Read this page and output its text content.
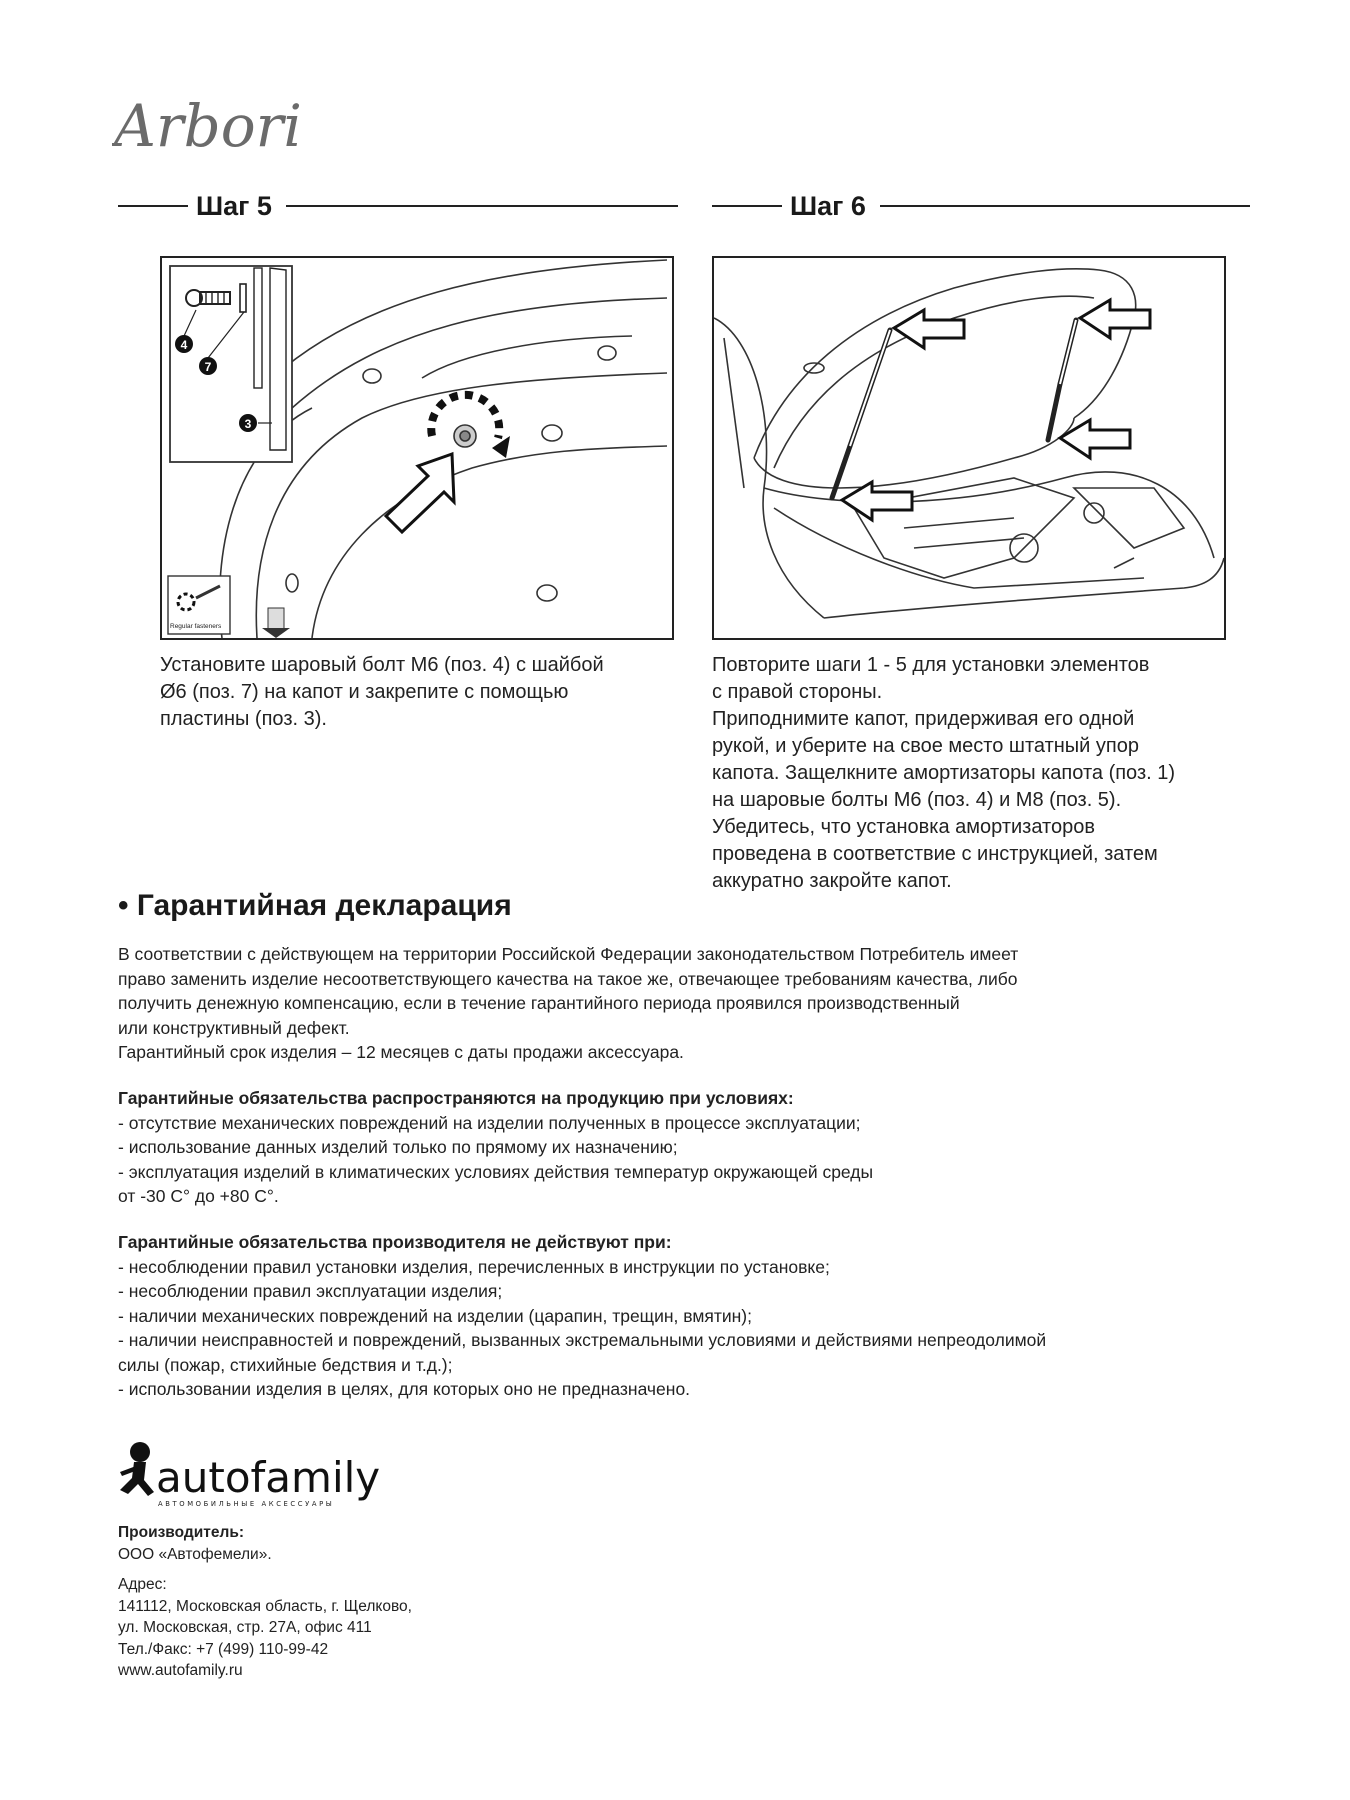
Arbori
Шаг 5	Шаг 6
4
7
3
Regular fasteners

Установите шаровый болт М6 (поз. 4) с шайбой

Ø6 (поз. 7) на капот и закрепите с помощью

пластины (поз. 3).

Повторите шаги 1 - 5 для установки элементов

с правой стороны.

Приподнимите капот, придерживая его одной

рукой, и уберите на свое место штатный упор

капота. Защелкните амортизаторы капота (поз. 1)

на шаровые болты М6 (поз. 4) и М8 (поз. 5).

Убедитесь, что установка амортизаторов

проведена в соответствие с инструкцией, затем

аккуратно закройте капот.

• Гарантийная декларация

В соответствии с действующем на территории Российской Федерации законодательством Потребитель имеет

право заменить изделие несоответствующего качества на такое же, отвечающее требованиям качества, либо

получить денежную компенсацию, если в течение гарантийного периода проявился производственный

или конструктивный дефект.

Гарантийный срок изделия – 12 месяцев с даты продажи аксессуара.

Гарантийные обязательства распространяются на продукцию при условиях:

- отсутствие механических повреждений на изделии полученных в процессе эксплуатации;

- использование данных изделий только по прямому их назначению;

- эксплуатация изделий в климатических условиях действия температур окружающей среды

от -30 С° до +80 С°.

Гарантийные обязательства производителя не действуют при:

- несоблюдении правил установки изделия, перечисленных в инструкции по установке;

- несоблюдении правил эксплуатации изделия;

- наличии механических повреждений на изделии (царапин, трещин, вмятин);

- наличии неисправностей и повреждений, вызванных экстремальными условиями и действиями непреодолимой

силы (пожар, стихийные бедствия и т.д.);

- использовании изделия в целях, для которых оно не предназначено.

autofamily
АВТОМОБИЛЬНЫЕ АКСЕССУАРЫ

Производитель:

ООО «Автофемели».

Адрес:

141112, Московская область, г. Щелково,

ул. Московская, стр. 27А, офис 411

Тел./Факс: +7 (499) 110-99-42

www.autofamily.ru
